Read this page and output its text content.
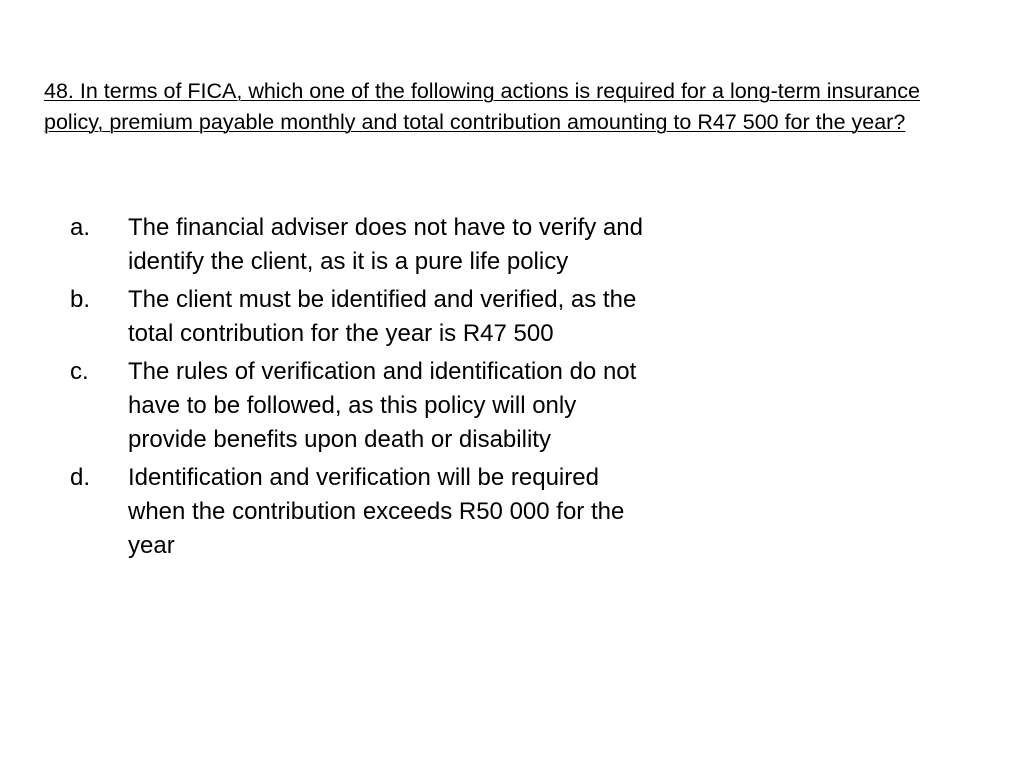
48. In terms of FICA, which one of the following actions is required for a long-term insurance policy, premium payable monthly and total contribution amounting to R47 500 for the year?
a.	The financial adviser does not have to verify and identify the client, as it is a pure life policy
b.	The client must be identified and verified, as the total contribution for the year is R47 500
c.	The rules of verification and identification do not have to be followed, as this policy will only provide benefits upon death or disability
d.	Identification and verification will be required when the contribution exceeds R50 000 for the year
